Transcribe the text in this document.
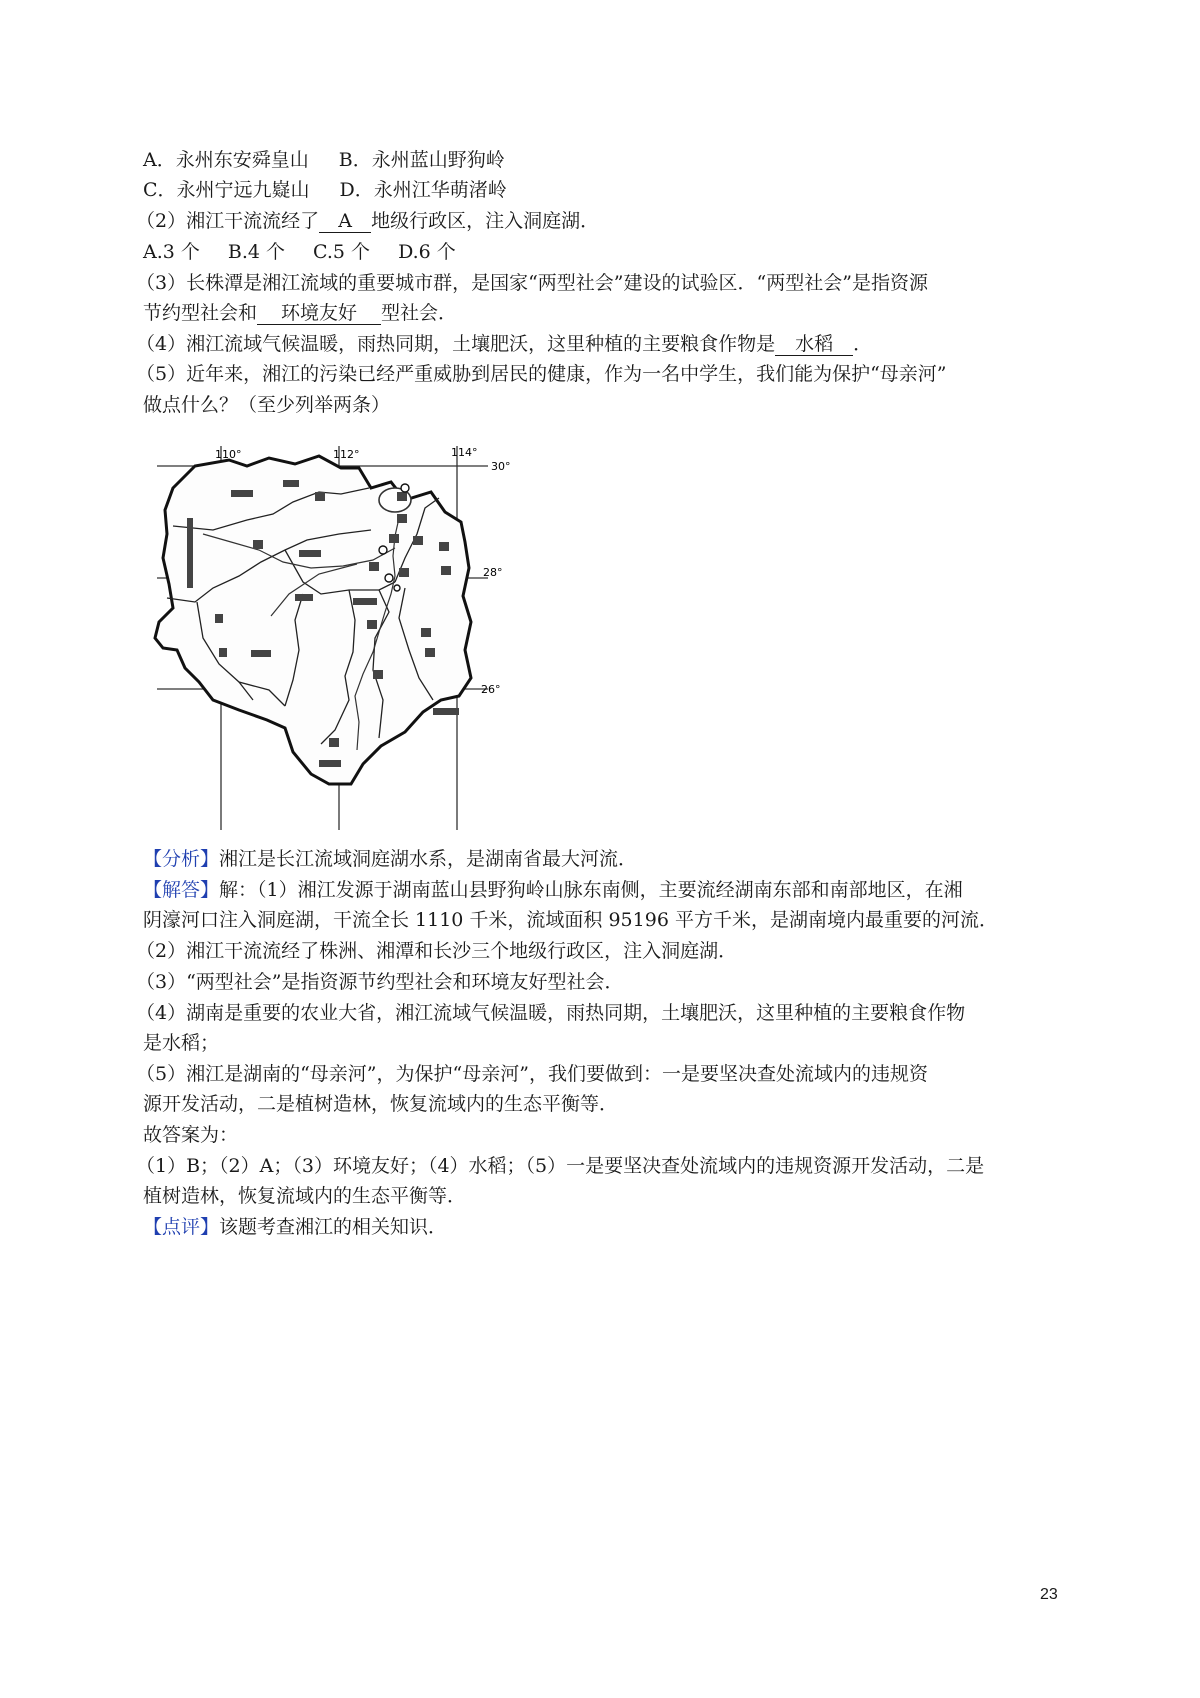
A．永州东安舜皇山 B．永州蓝山野狗岭
C．永州宁远九嶷山 D．永州江华萌渚岭
（2）湘江干流流经了 A 地级行政区，注入洞庭湖．
A.3 个 B.4 个 C.5 个 D.6 个
（3）长株潭是湘江流域的重要城市群，是国家“两型社会”建设的试验区．“两型社会”是指资源
节约型社会和 环境友好 型社会．
（4）湘江流域气候温暖，雨热同期，土壤肥沃，这里种植的主要粮食作物是 水稻 ．
（5）近年来，湘江的污染已经严重威胁到居民的健康，作为一名中学生，我们能为保护“母亲河”
做点什么？（至少列举两条）
110°	112°	114°
30°
28°
26°
【分析】湘江是长江流域洞庭湖水系，是湖南省最大河流．
【解答】解：（1）湘江发源于湖南蓝山县野狗岭山脉东南侧，主要流经湖南东部和南部地区，在湘
阴濠河口注入洞庭湖，干流全长 1110 千米，流域面积 95196 平方千米，是湖南境内最重要的河流．
（2）湘江干流流经了株洲、湘潭和长沙三个地级行政区，注入洞庭湖．
（3）“两型社会”是指资源节约型社会和环境友好型社会．
（4）湖南是重要的农业大省，湘江流域气候温暖，雨热同期，土壤肥沃，这里种植的主要粮食作物
是水稻；
（5）湘江是湖南的“母亲河”，为保护“母亲河”，我们要做到：一是要坚决查处流域内的违规资
源开发活动，二是植树造林，恢复流域内的生态平衡等．
故答案为：
（1）B；（2）A；（3）环境友好；（4）水稻；（5）一是要坚决查处流域内的违规资源开发活动，二是
植树造林，恢复流域内的生态平衡等．
【点评】该题考查湘江的相关知识．
23
